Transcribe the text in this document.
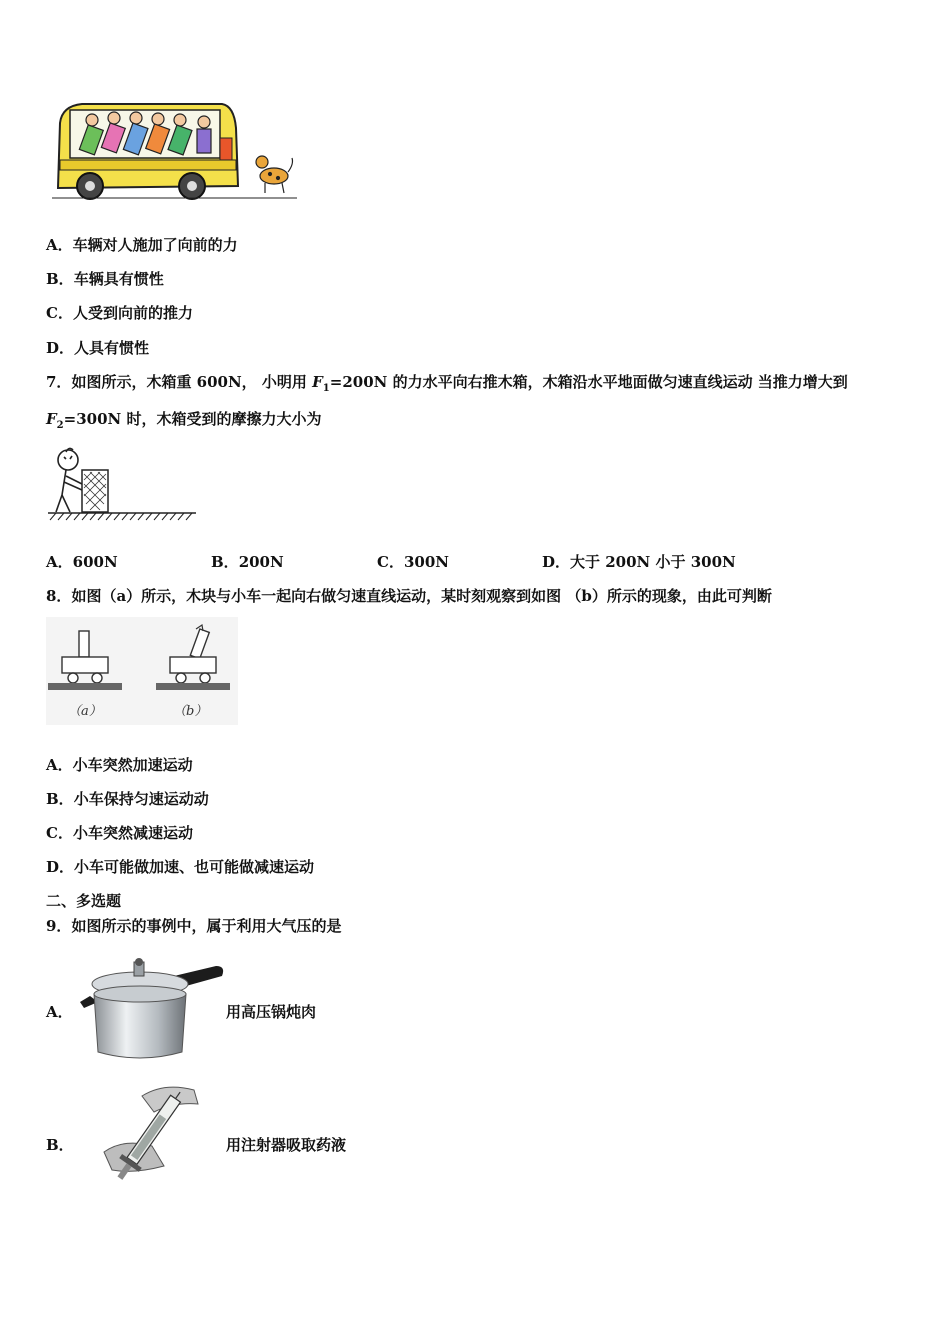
A．车辆对人施加了向前的力
B．车辆具有惯性
C．人受到向前的推力
D．人具有惯性
7．如图所示，木箱重 600N， 小明用 $F_1=200N$ 的力水平向右推木箱，木箱沿水平地面做匀速直线运动 当推力增大到
$F_2=300N$ 时，木箱受到的摩擦力大小为
A．600N	B．200N	C．300N	D．大于 200N 小于 300N
8．如图（a）所示，木块与小车一起向右做匀速直线运动，某时刻观察到如图 （b）所示的现象，由此可判断
（a）	（b）
A．小车突然加速运动
B．小车保持匀速运动动
C．小车突然减速运动
D．小车可能做加速、也可能做减速运动
二、多选题
9．如图所示的事例中，属于利用大气压的是
A．	用高压锅炖肉
B．	用注射器吸取药液
